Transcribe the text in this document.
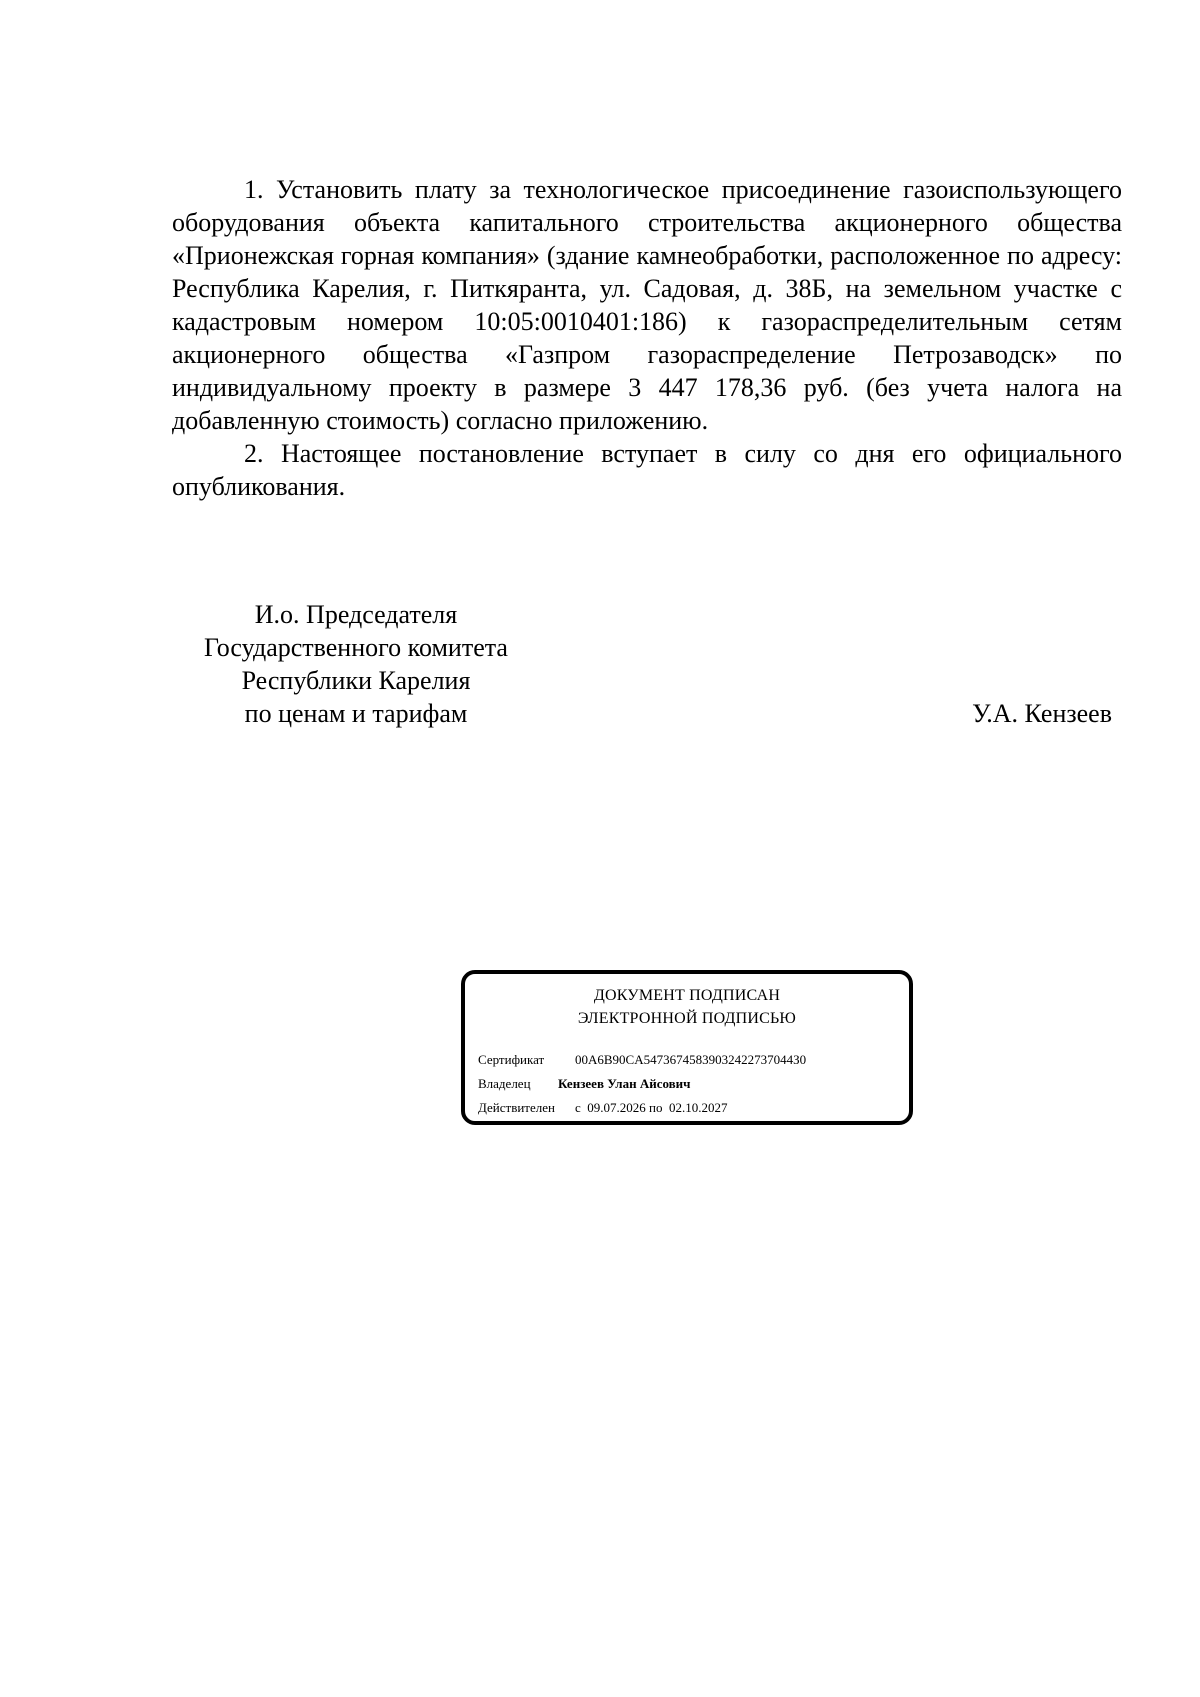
1. Установить плату за технологическое присоединение газоиспользующего оборудования объекта капитального строительства акционерного общества «Прионежская горная компания» (здание камнеобработки, расположенное по адресу: Республика Карелия, г. Питкяранта, ул. Садовая, д. 38Б, на земельном участке с кадастровым номером 10:05:0010401:186) к газораспределительным сетям акционерного общества «Газпром газораспределение Петрозаводск» по индивидуальному проекту в размере 3 447 178,36 руб. (без учета налога на добавленную стоимость) согласно приложению.

2. Настоящее постановление вступает в силу со дня его официального опубликования.

И.о. Председателя
Государственного комитета
Республики Карелия
по ценам и тарифам	У.А. Кензеев
ДОКУМЕНТ ПОДПИСАН
ЭЛЕКТРОННОЙ ПОДПИСЬЮ
Сертификат 00A6B90CA54736745839032422737044З0
Владелец Кензеев Улан Айсович
Действителен с 09.07.2026 по 02.10.2027
